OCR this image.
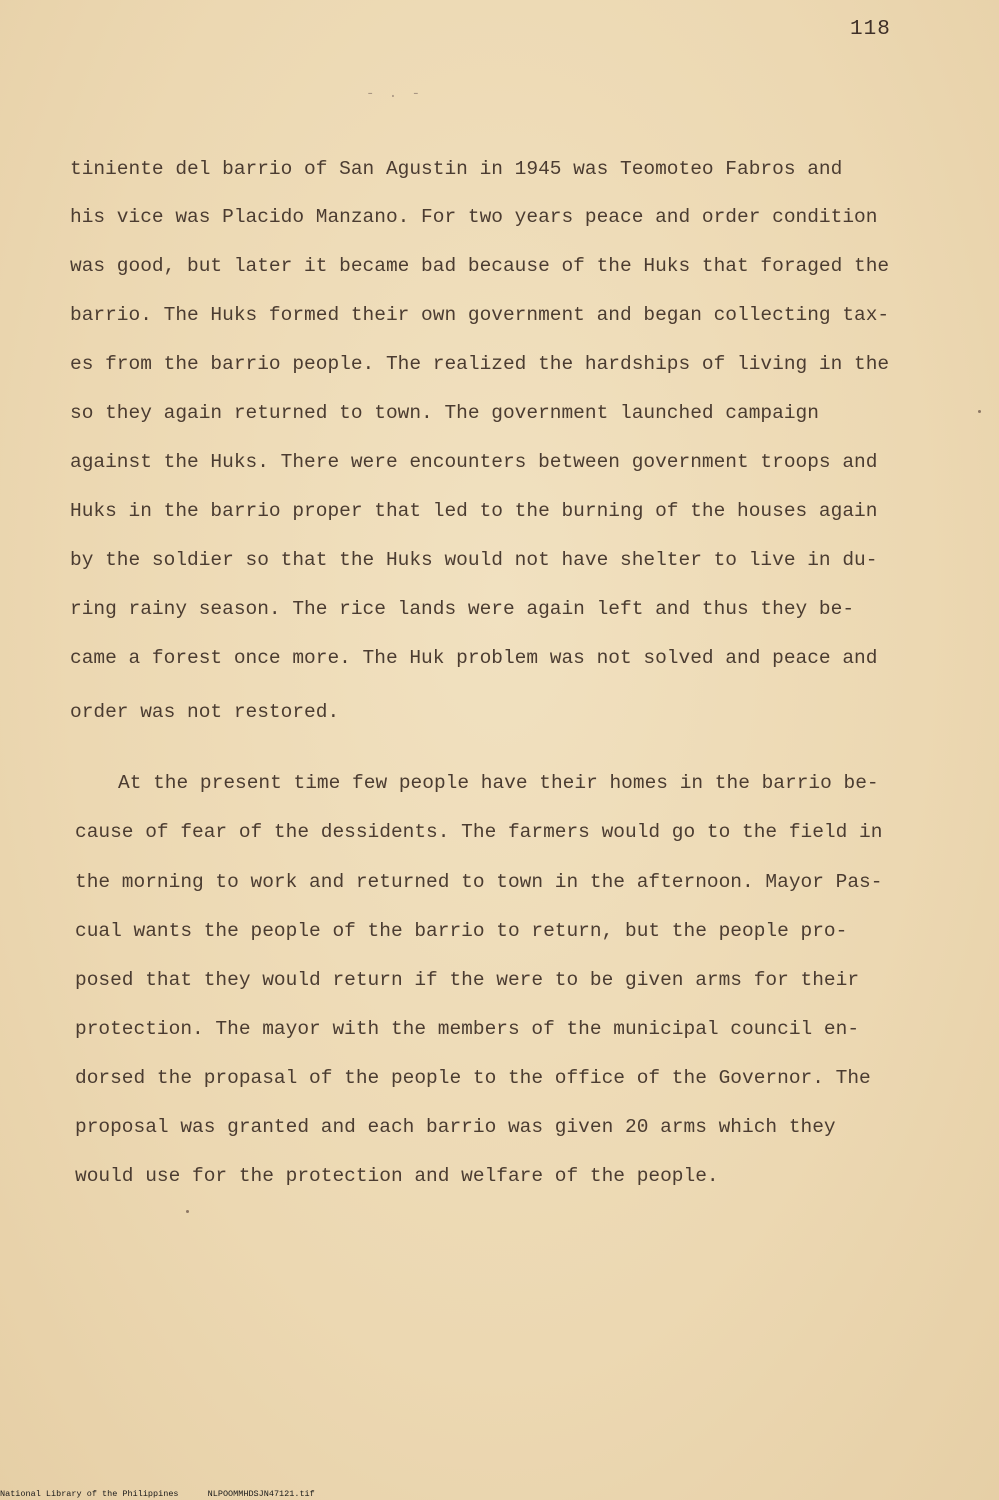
118
- . -
tiniente del barrio of San Agustin in 1945 was Teomoteo Fabros and
his vice was Placido Manzano. For two years peace and order condition
was good, but later it became bad because of the Huks that foraged the
barrio. The Huks formed their own government and began collecting tax-
es from the barrio people. The realized the hardships of living in the
so they again returned to town. The government launched campaign
against the Huks. There were encounters between government troops and
Huks in the barrio proper that led to the burning of the houses again
by the soldier so that the Huks would not have shelter to live in du-
ring rainy season. The rice lands were again left and thus they be-
came a forest once more. The Huk problem was not solved and peace and
order was not restored.
At the present time few people have their homes in the barrio be-
cause of fear of the dessidents. The farmers would go to the field in
the morning to work and returned to town in the afternoon. Mayor Pas-
cual wants the people of the barrio to return, but the people pro-
posed that they would return if the were to be given arms for their
protection. The mayor with the members of the municipal council en-
dorsed the propasal of the people to the office of the Governor. The
proposal was granted and each barrio was given 20 arms which they
would use for the protection and welfare of the people.
National Library of the Philippines	NLPOOMMHDSJN47121.tif
